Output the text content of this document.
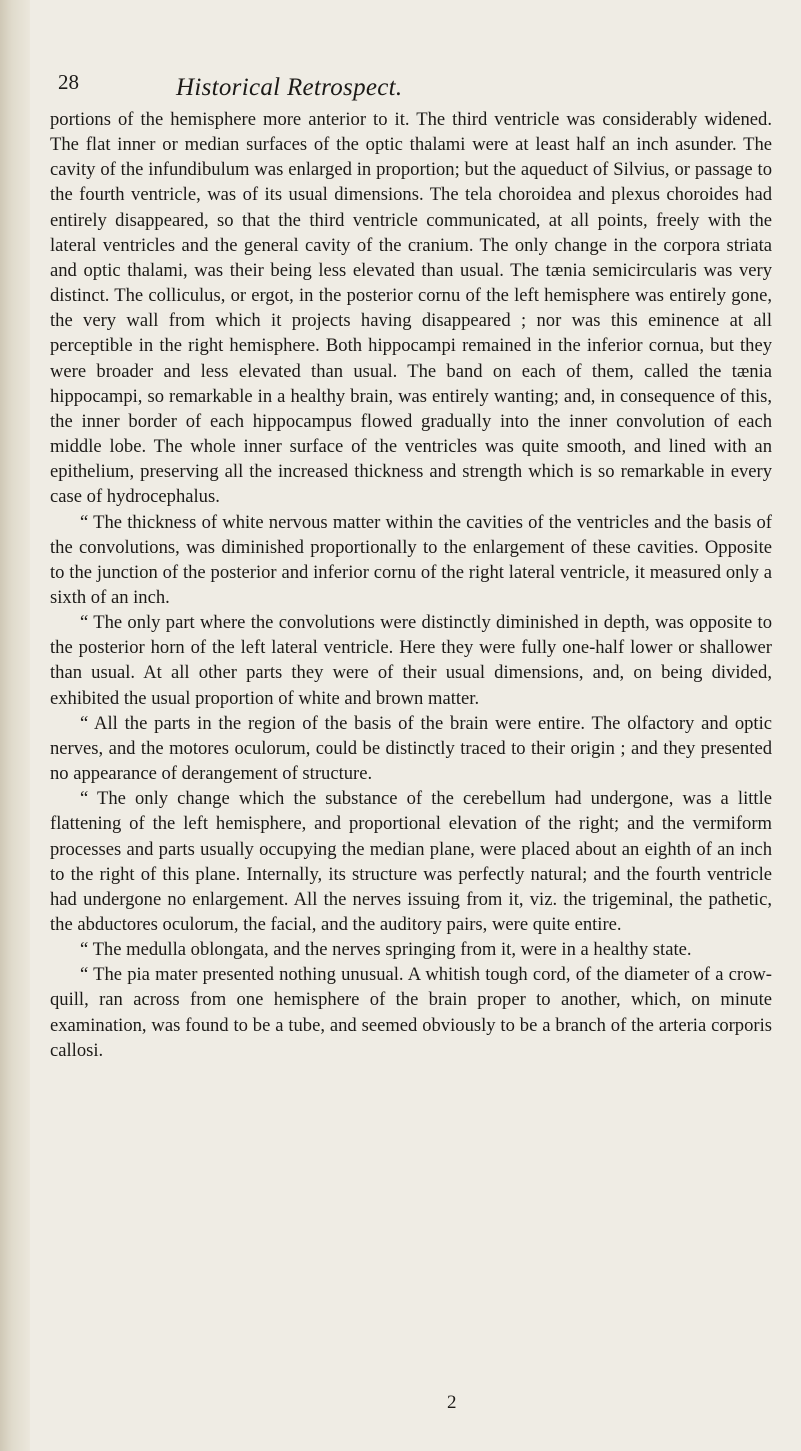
28	Historical Retrospect.

portions of the hemisphere more anterior to it. The third ventricle was considerably widened. The flat inner or median surfaces of the optic thalami were at least half an inch asunder. The cavity of the infundibulum was enlarged in proportion; but the aqueduct of Silvius, or passage to the fourth ventricle, was of its usual dimensions. The tela choroidea and plexus choroides had entirely disappeared, so that the third ventricle communicated, at all points, freely with the lateral ventricles and the general cavity of the cranium. The only change in the corpora striata and optic thalami, was their being less elevated than usual. The tænia semicircularis was very distinct. The colliculus, or ergot, in the posterior cornu of the left hemisphere was entirely gone, the very wall from which it projects having disappeared ; nor was this eminence at all perceptible in the right hemisphere. Both hippocampi remained in the inferior cornua, but they were broader and less elevated than usual. The band on each of them, called the tænia hippocampi, so remarkable in a healthy brain, was entirely wanting; and, in consequence of this, the inner border of each hippocampus flowed gradually into the inner convolution of each middle lobe. The whole inner surface of the ventricles was quite smooth, and lined with an epithelium, preserving all the increased thickness and strength which is so remarkable in every case of hydrocephalus.

“ The thickness of white nervous matter within the cavities of the ventricles and the basis of the convolutions, was diminished proportionally to the enlargement of these cavities. Opposite to the junction of the posterior and inferior cornu of the right lateral ventricle, it measured only a sixth of an inch.

“ The only part where the convolutions were distinctly diminished in depth, was opposite to the posterior horn of the left lateral ventricle. Here they were fully one-half lower or shallower than usual. At all other parts they were of their usual dimensions, and, on being divided, exhibited the usual proportion of white and brown matter.

“ All the parts in the region of the basis of the brain were entire. The olfactory and optic nerves, and the motores oculorum, could be distinctly traced to their origin ; and they presented no appearance of derangement of structure.

“ The only change which the substance of the cerebellum had undergone, was a little flattening of the left hemisphere, and proportional elevation of the right; and the vermiform processes and parts usually occupying the median plane, were placed about an eighth of an inch to the right of this plane. Internally, its structure was perfectly natural; and the fourth ventricle had undergone no enlargement. All the nerves issuing from it, viz. the trigeminal, the pathetic, the abductores oculorum, the facial, and the auditory pairs, were quite entire.

“ The medulla oblongata, and the nerves springing from it, were in a healthy state.

“ The pia mater presented nothing unusual. A whitish tough cord, of the diameter of a crow-quill, ran across from one hemisphere of the brain proper to another, which, on minute examination, was found to be a tube, and seemed obviously to be a branch of the arteria corporis callosi.

2
